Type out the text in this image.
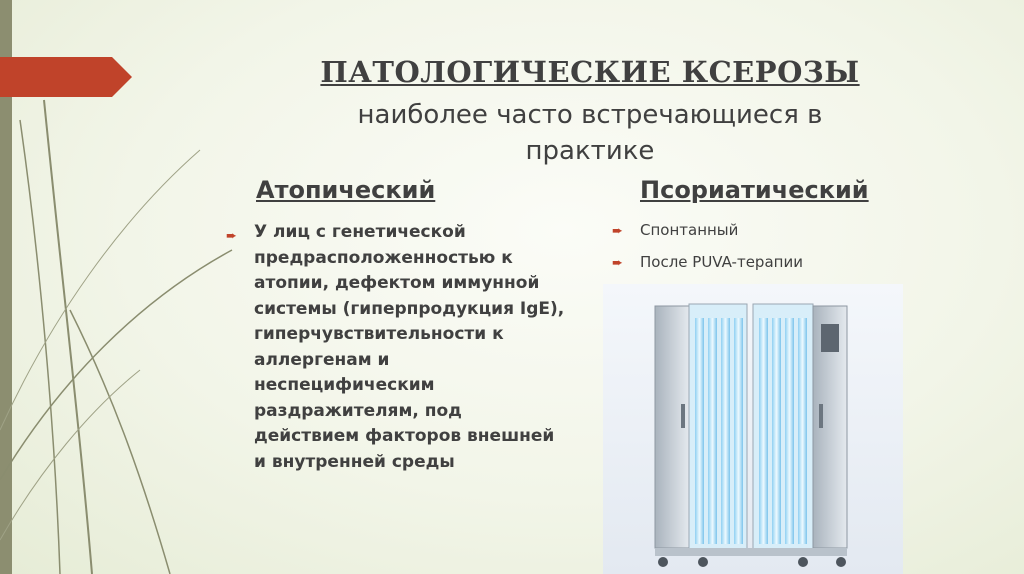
ПАТОЛОГИЧЕСКИЕ КСЕРОЗЫ
наиболее часто встречающиеся в
практике
Атопический	Псориатический
➨ У лиц с генетической предрасположенностью к атопии, дефектом иммунной системы (гиперпродукция IgE), гиперчувствительности к аллергенам и неспецифическим раздражителям, под действием факторов внешней и внутренней среды
➨ Спонтанный
➨ После PUVA-терапии
